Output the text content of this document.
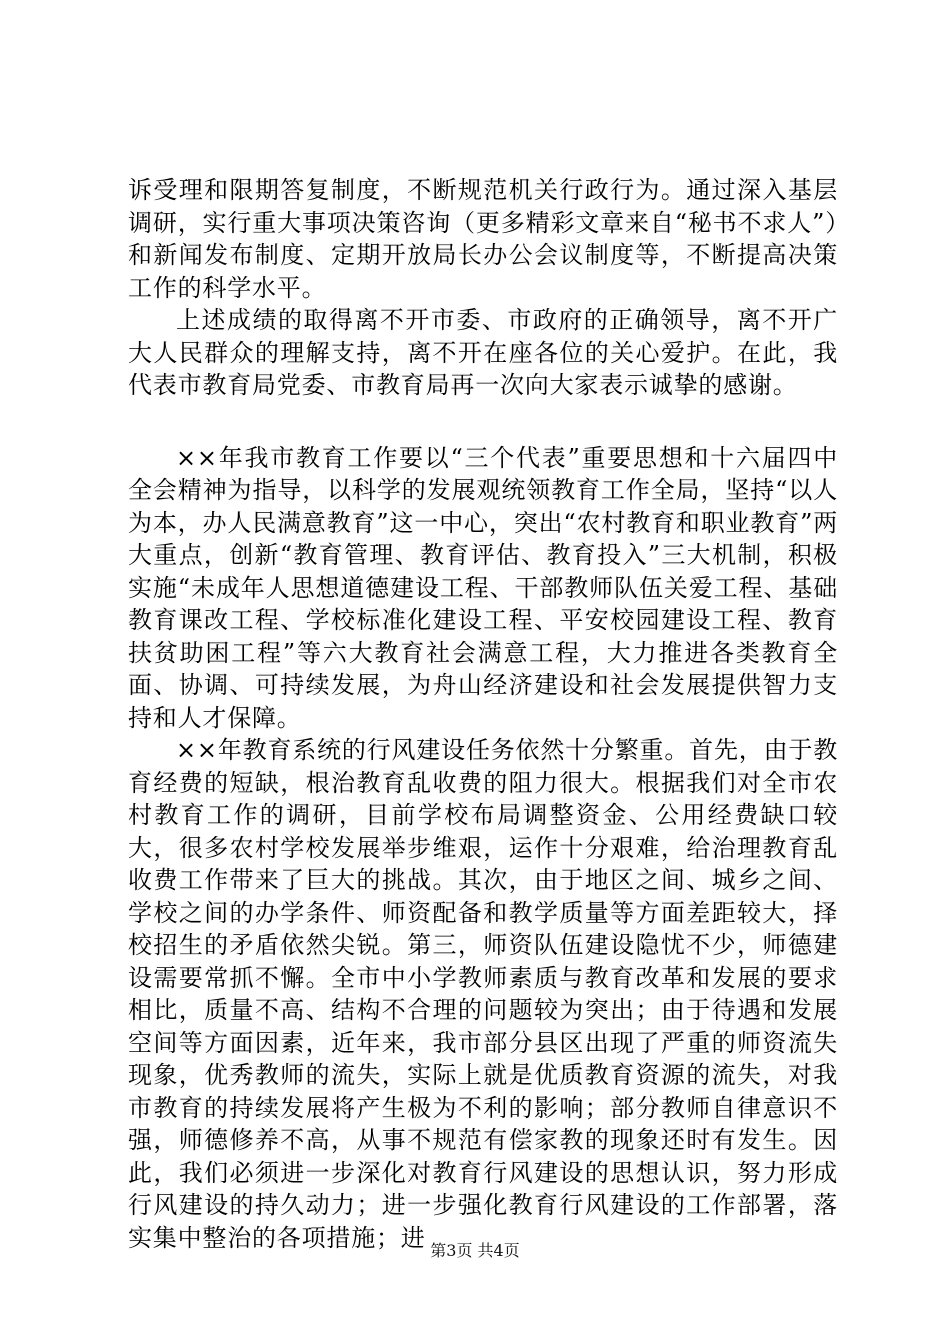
诉受理和限期答复制度，不断规范机关行政行为。通过深入基层调研，实行重大事项决策咨询（更多精彩文章来自“秘书不求人”）和新闻发布制度、定期开放局长办公会议制度等，不断提高决策工作的科学水平。

上述成绩的取得离不开市委、市政府的正确领导，离不开广大人民群众的理解支持，离不开在座各位的关心爱护。在此，我代表市教育局党委、市教育局再一次向大家表示诚挚的感谢。

××年我市教育工作要以“三个代表”重要思想和十六届四中全会精神为指导，以科学的发展观统领教育工作全局，坚持“以人为本，办人民满意教育”这一中心，突出“农村教育和职业教育”两大重点，创新“教育管理、教育评估、教育投入”三大机制，积极实施“未成年人思想道德建设工程、干部教师队伍关爱工程、基础教育课改工程、学校标准化建设工程、平安校园建设工程、教育扶贫助困工程”等六大教育社会满意工程，大力推进各类教育全面、协调、可持续发展，为舟山经济建设和社会发展提供智力支持和人才保障。

××年教育系统的行风建设任务依然十分繁重。首先，由于教育经费的短缺，根治教育乱收费的阻力很大。根据我们对全市农村教育工作的调研，目前学校布局调整资金、公用经费缺口较大，很多农村学校发展举步维艰，运作十分艰难，给治理教育乱收费工作带来了巨大的挑战。其次，由于地区之间、城乡之间、学校之间的办学条件、师资配备和教学质量等方面差距较大，择校招生的矛盾依然尖锐。第三，师资队伍建设隐忧不少，师德建设需要常抓不懈。全市中小学教师素质与教育改革和发展的要求相比，质量不高、结构不合理的问题较为突出；由于待遇和发展空间等方面因素，近年来，我市部分县区出现了严重的师资流失现象，优秀教师的流失，实际上就是优质教育资源的流失，对我市教育的持续发展将产生极为不利的影响；部分教师自律意识不强，师德修养不高，从事不规范有偿家教的现象还时有发生。因此，我们必须进一步深化对教育行风建设的思想认识，努力形成行风建设的持久动力；进一步强化教育行风建设的工作部署，落实集中整治的各项措施；进 第3页 共4页
